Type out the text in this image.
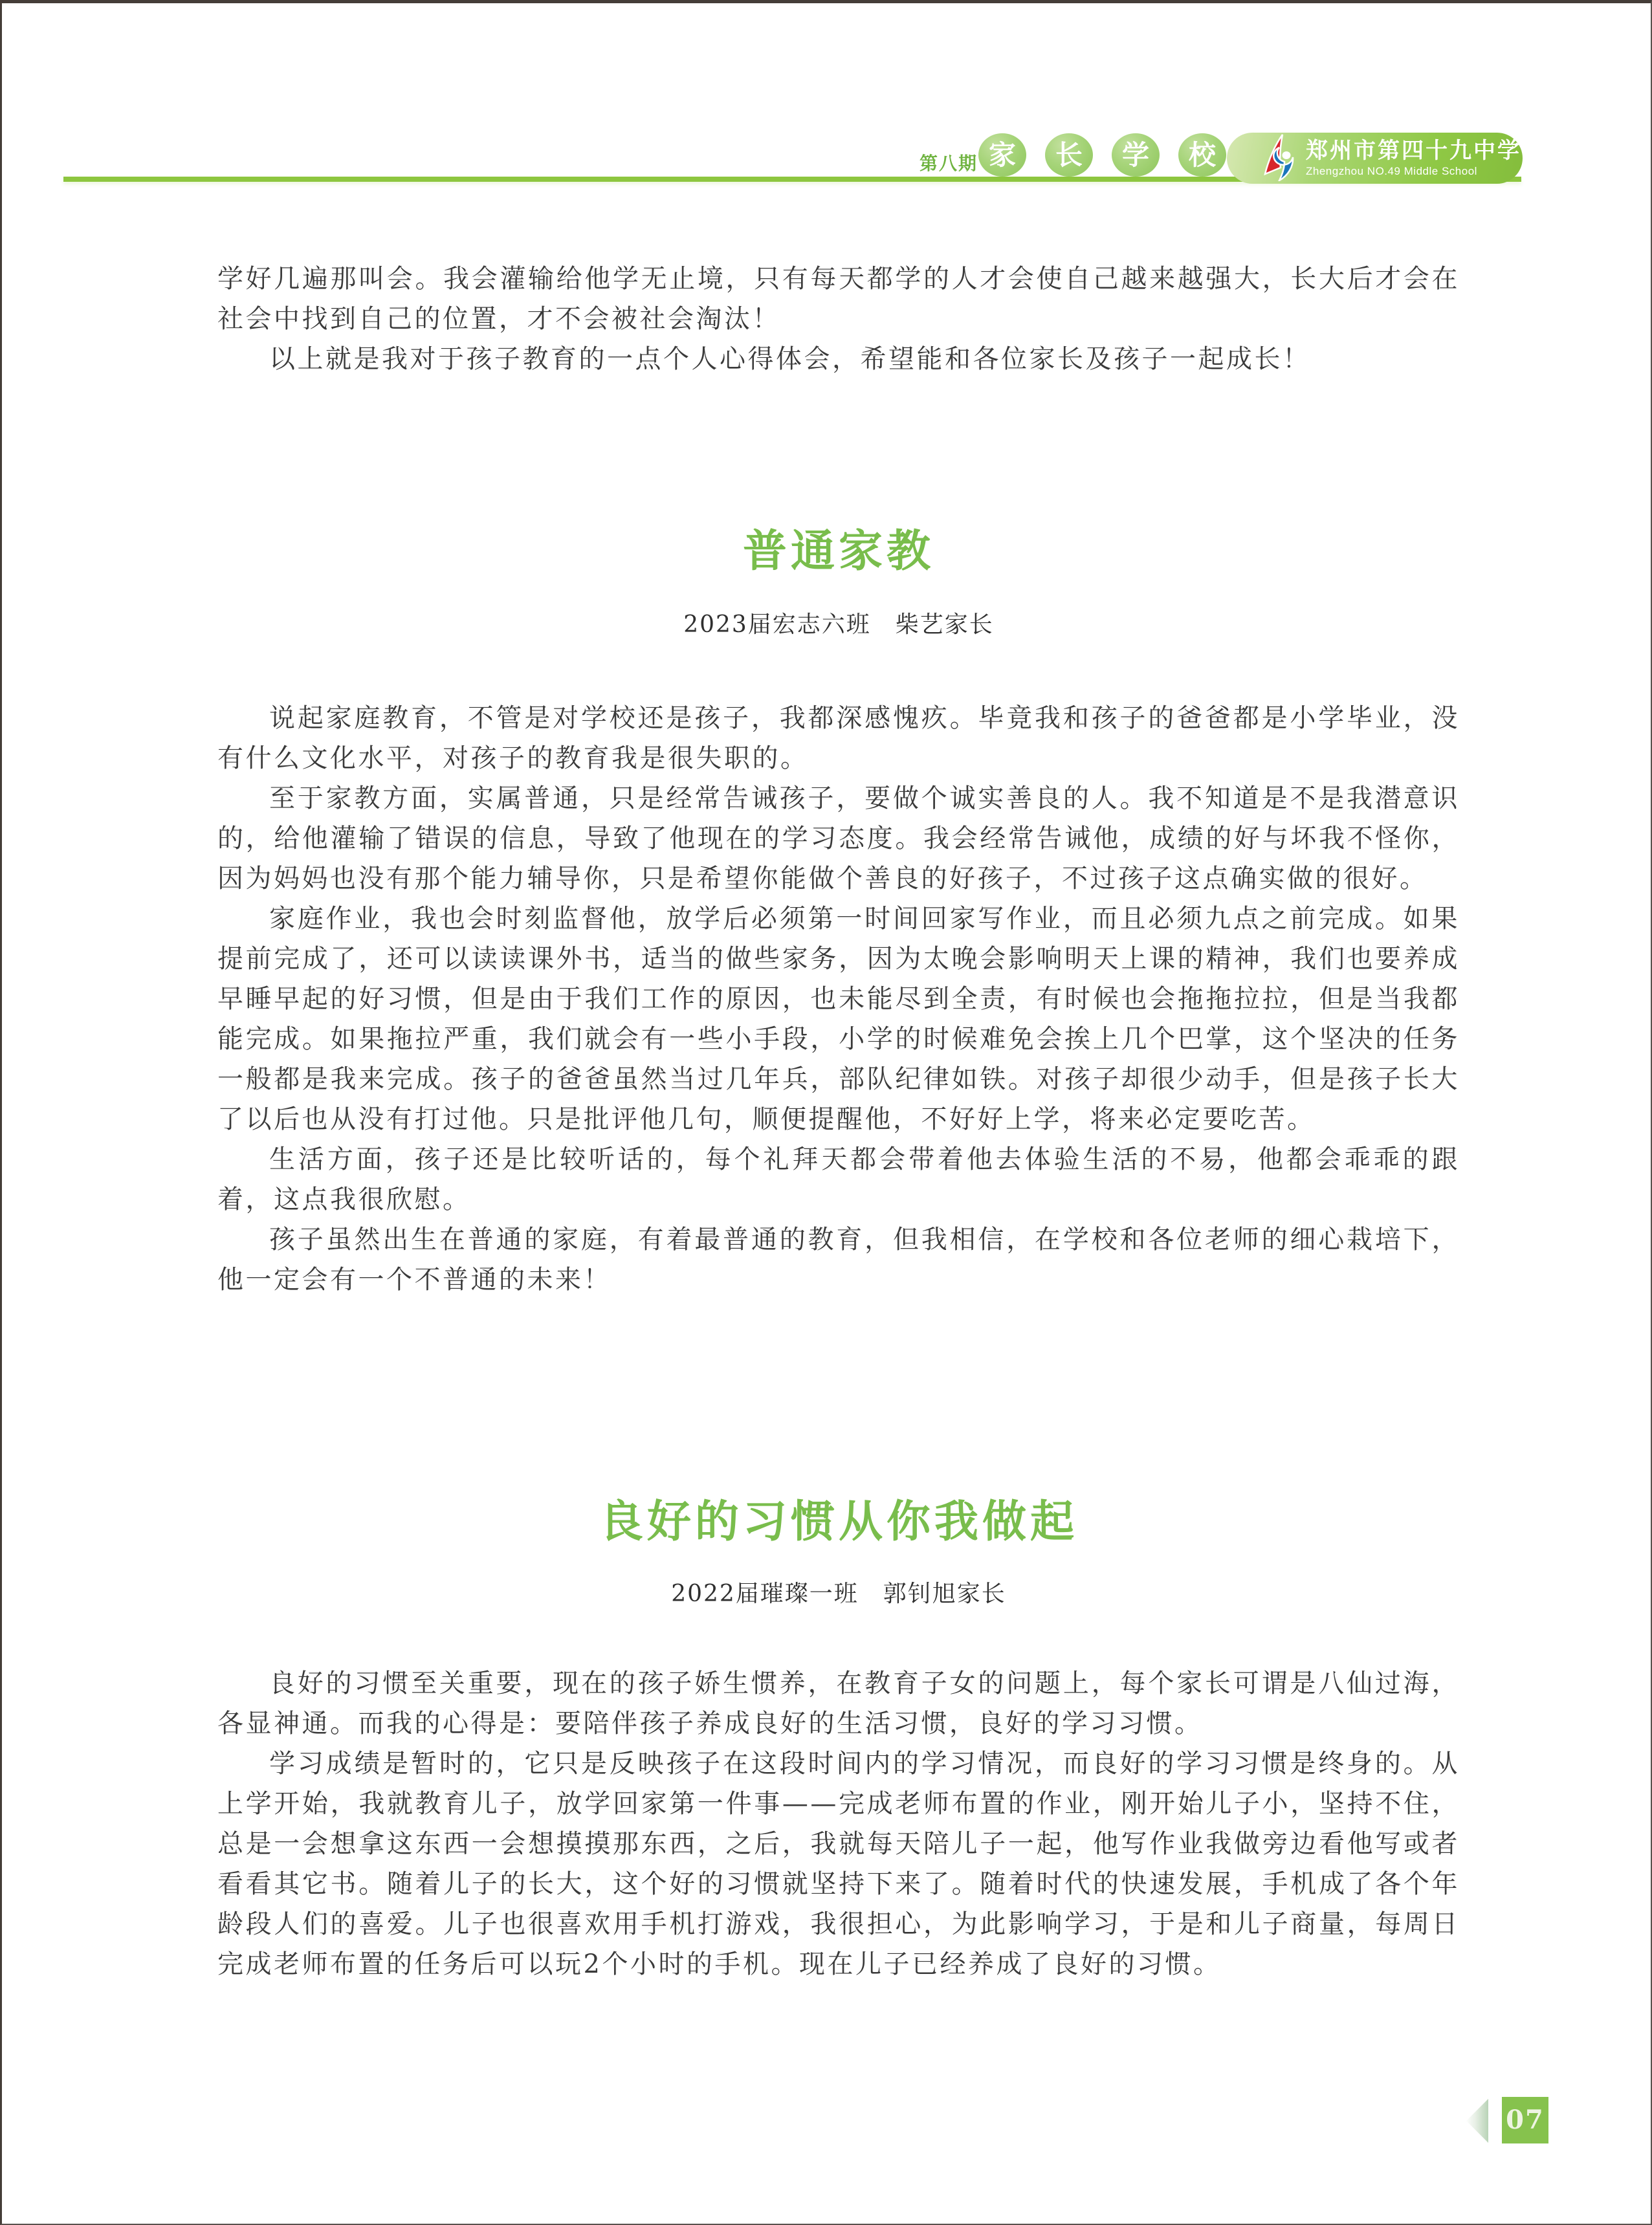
第八期 家	长	学	校	郑州市第四十九中学
Zhengzhou NO.49 Middle School

学好几遍那叫会。我会灌输给他学无止境，只有每天都学的人才会使自己越来越强大，长大后才会在社会中找到自己的位置，才不会被社会淘汰！

以上就是我对于孩子教育的一点个人心得体会，希望能和各位家长及孩子一起成长！

普通家教
2023届宏志六班　柴艺家长

说起家庭教育，不管是对学校还是孩子，我都深感愧疚。毕竟我和孩子的爸爸都是小学毕业，没有什么文化水平，对孩子的教育我是很失职的。

至于家教方面，实属普通，只是经常告诫孩子，要做个诚实善良的人。我不知道是不是我潜意识的，给他灌输了错误的信息，导致了他现在的学习态度。我会经常告诫他，成绩的好与坏我不怪你，因为妈妈也没有那个能力辅导你，只是希望你能做个善良的好孩子，不过孩子这点确实做的很好。

家庭作业，我也会时刻监督他，放学后必须第一时间回家写作业，而且必须九点之前完成。如果提前完成了，还可以读读课外书，适当的做些家务，因为太晚会影响明天上课的精神，我们也要养成早睡早起的好习惯，但是由于我们工作的原因，也未能尽到全责，有时候也会拖拖拉拉，但是当我都能完成。如果拖拉严重，我们就会有一些小手段，小学的时候难免会挨上几个巴掌，这个坚决的任务一般都是我来完成。孩子的爸爸虽然当过几年兵，部队纪律如铁。对孩子却很少动手，但是孩子长大了以后也从没有打过他。只是批评他几句，顺便提醒他，不好好上学，将来必定要吃苦。

生活方面，孩子还是比较听话的，每个礼拜天都会带着他去体验生活的不易，他都会乖乖的跟着，这点我很欣慰。

孩子虽然出生在普通的家庭，有着最普通的教育，但我相信，在学校和各位老师的细心栽培下，他一定会有一个不普通的未来！

良好的习惯从你我做起
2022届璀璨一班　郭钊旭家长

良好的习惯至关重要，现在的孩子娇生惯养，在教育子女的问题上，每个家长可谓是八仙过海，各显神通。而我的心得是：要陪伴孩子养成良好的生活习惯，良好的学习习惯。

学习成绩是暂时的，它只是反映孩子在这段时间内的学习情况，而良好的学习习惯是终身的。从上学开始，我就教育儿子，放学回家第一件事——完成老师布置的作业，刚开始儿子小，坚持不住，总是一会想拿这东西一会想摸摸那东西，之后，我就每天陪儿子一起，他写作业我做旁边看他写或者看看其它书。随着儿子的长大，这个好的习惯就坚持下来了。随着时代的快速发展，手机成了各个年龄段人们的喜爱。儿子也很喜欢用手机打游戏，我很担心，为此影响学习，于是和儿子商量，每周日完成老师布置的任务后可以玩2个小时的手机。现在儿子已经养成了良好的习惯。

07
